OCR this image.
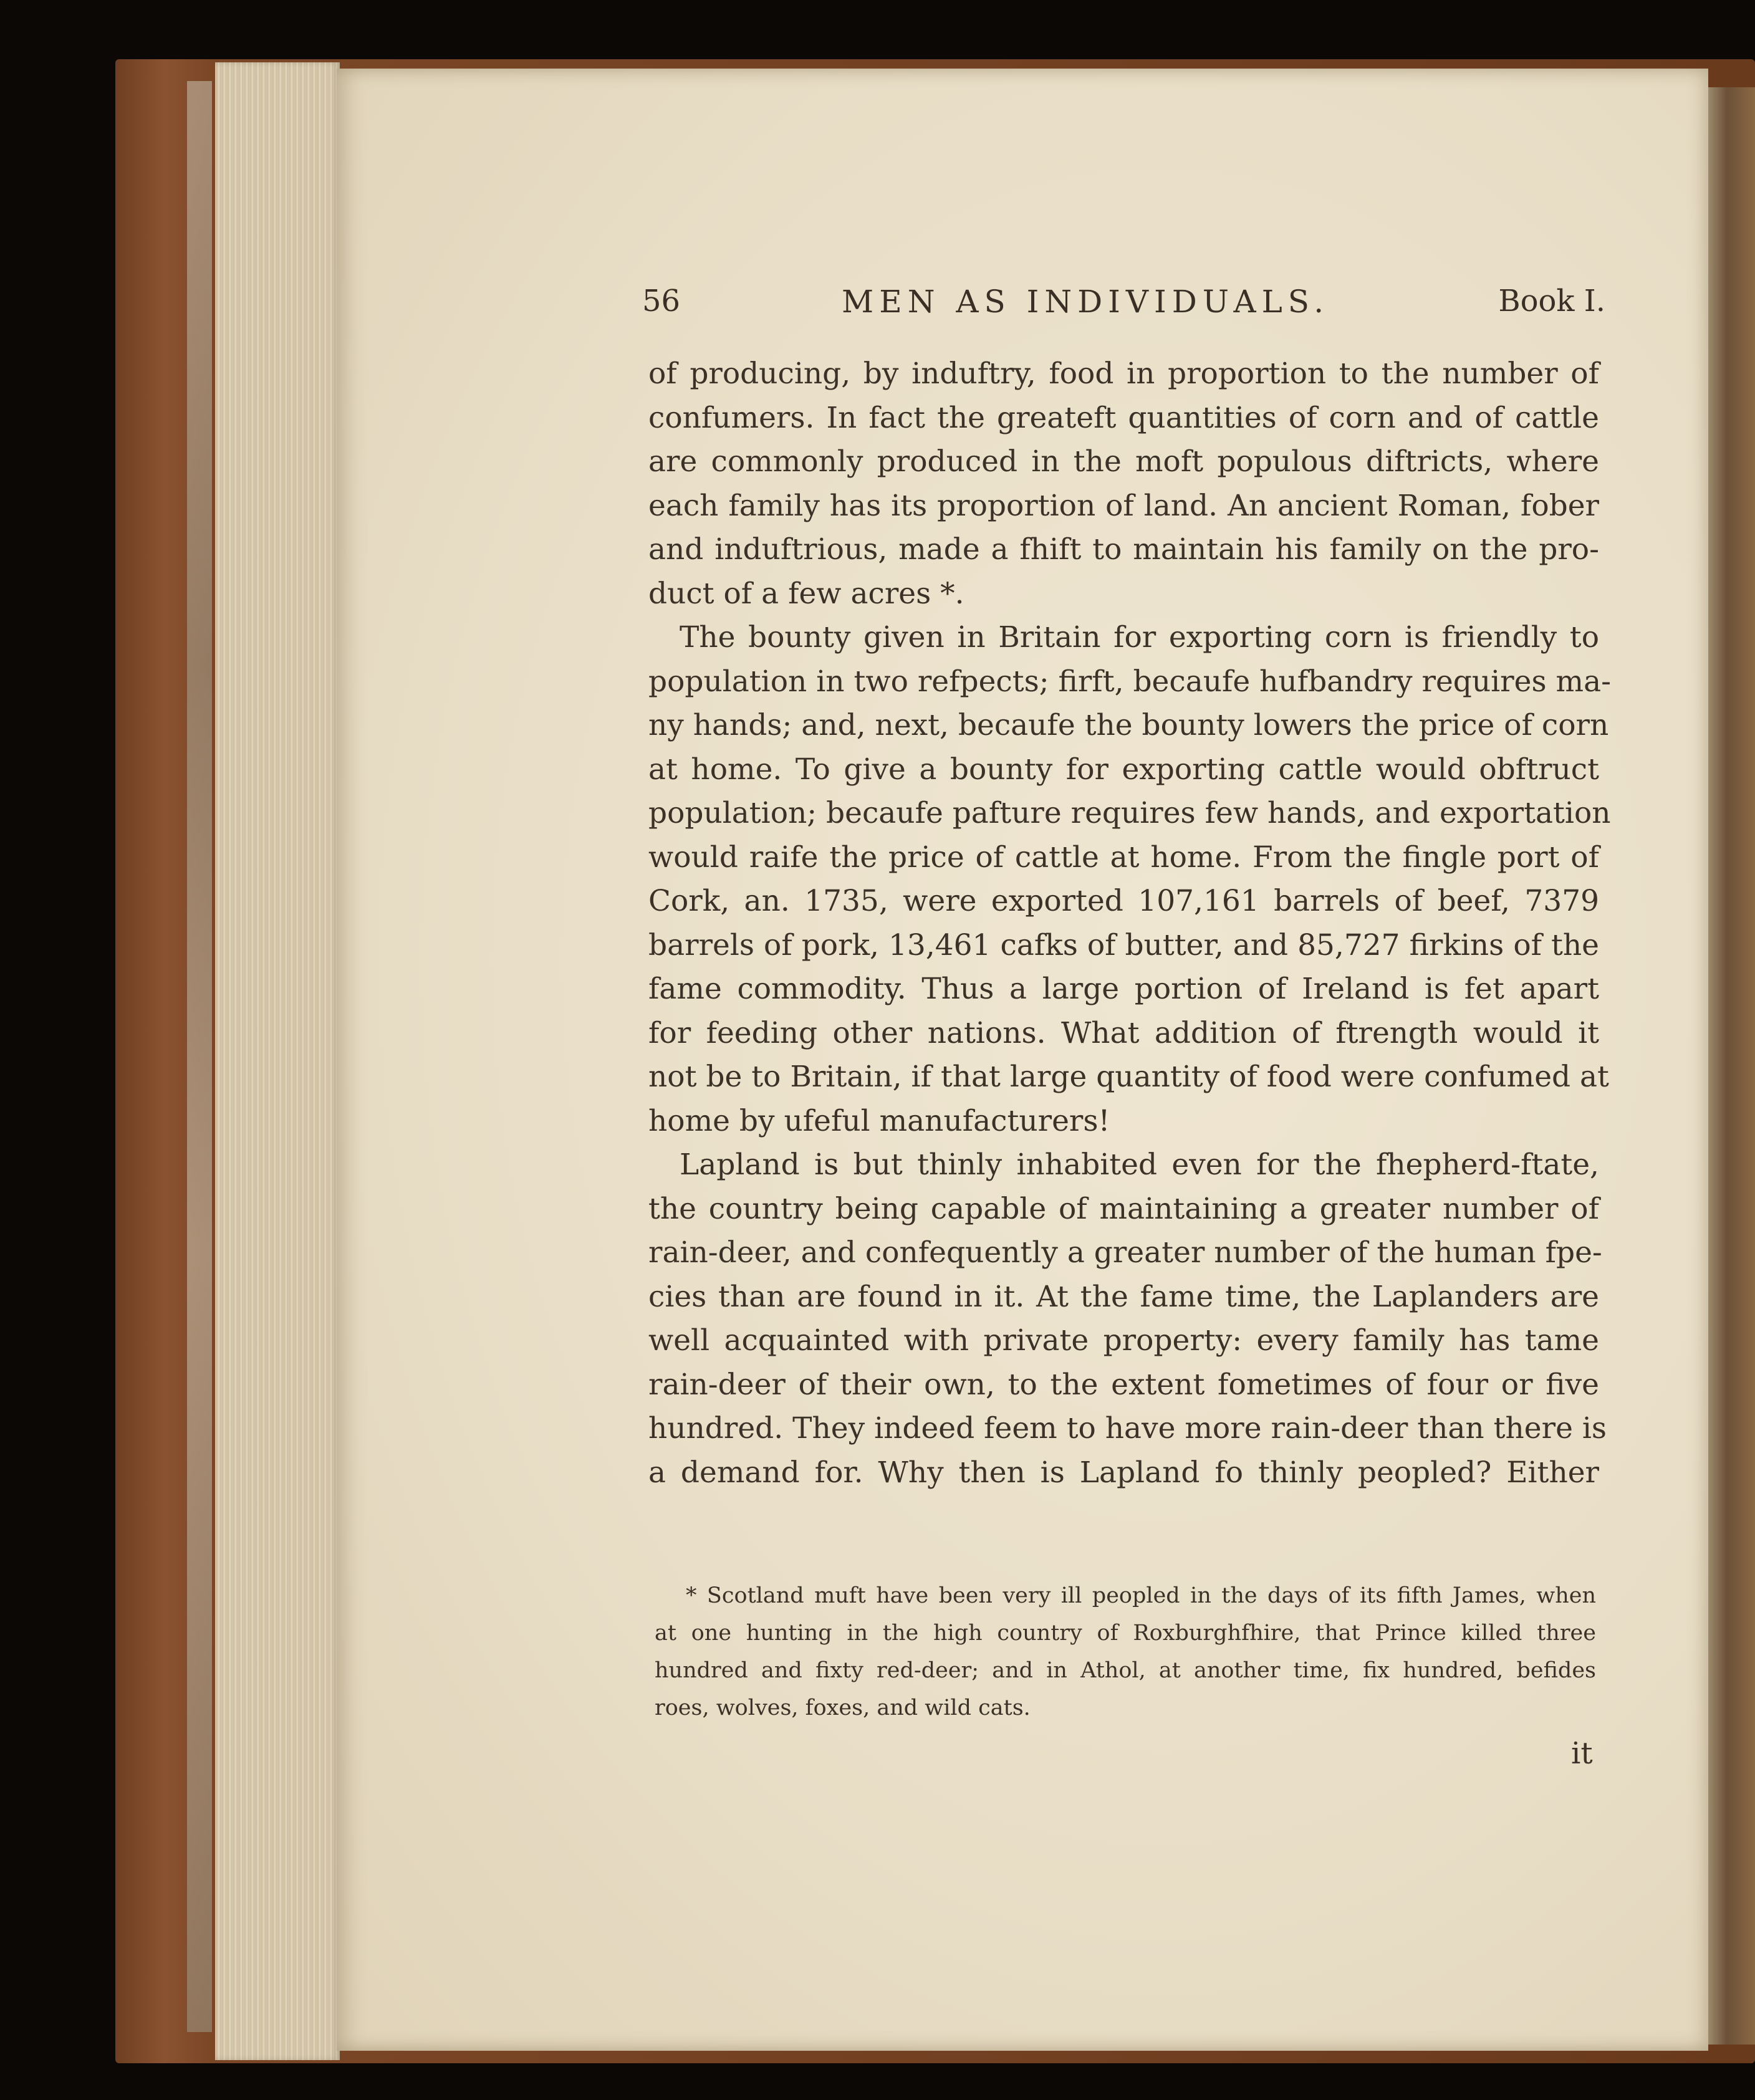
56	MEN AS INDIVIDUALS.	Book I.
of producing, by induftry, food in proportion to the number of
confumers. In fact the greateft quantities of corn and of cattle
are commonly produced in the moft populous diftricts, where
each family has its proportion of land. An ancient Roman, fober
and induftrious, made a fhift to maintain his family on the pro-
duct of a few acres *.
The bounty given in Britain for exporting corn is friendly to
population in two refpects; firft, becaufe hufbandry requires ma-
ny hands; and, next, becaufe the bounty lowers the price of corn
at home. To give a bounty for exporting cattle would obftruct
population; becaufe pafture requires few hands, and exportation
would raife the price of cattle at home. From the fingle port of
Cork, an. 1735, were exported 107,161 barrels of beef, 7379
barrels of pork, 13,461 cafks of butter, and 85,727 firkins of the
fame commodity. Thus a large portion of Ireland is fet apart
for feeding other nations. What addition of ftrength would it
not be to Britain, if that large quantity of food were confumed at
home by ufeful manufacturers!
Lapland is but thinly inhabited even for the fhepherd-ftate,
the country being capable of maintaining a greater number of
rain-deer, and confequently a greater number of the human fpe-
cies than are found in it. At the fame time, the Laplanders are
well acquainted with private property: every family has tame
rain-deer of their own, to the extent fometimes of four or five
hundred. They indeed feem to have more rain-deer than there is
a demand for. Why then is Lapland fo thinly peopled? Either
* Scotland muft have been very ill peopled in the days of its fifth James, when
at one hunting in the high country of Roxburghfhire, that Prince killed three
hundred and fixty red-deer; and in Athol, at another time, fix hundred, befides
roes, wolves, foxes, and wild cats.
it
